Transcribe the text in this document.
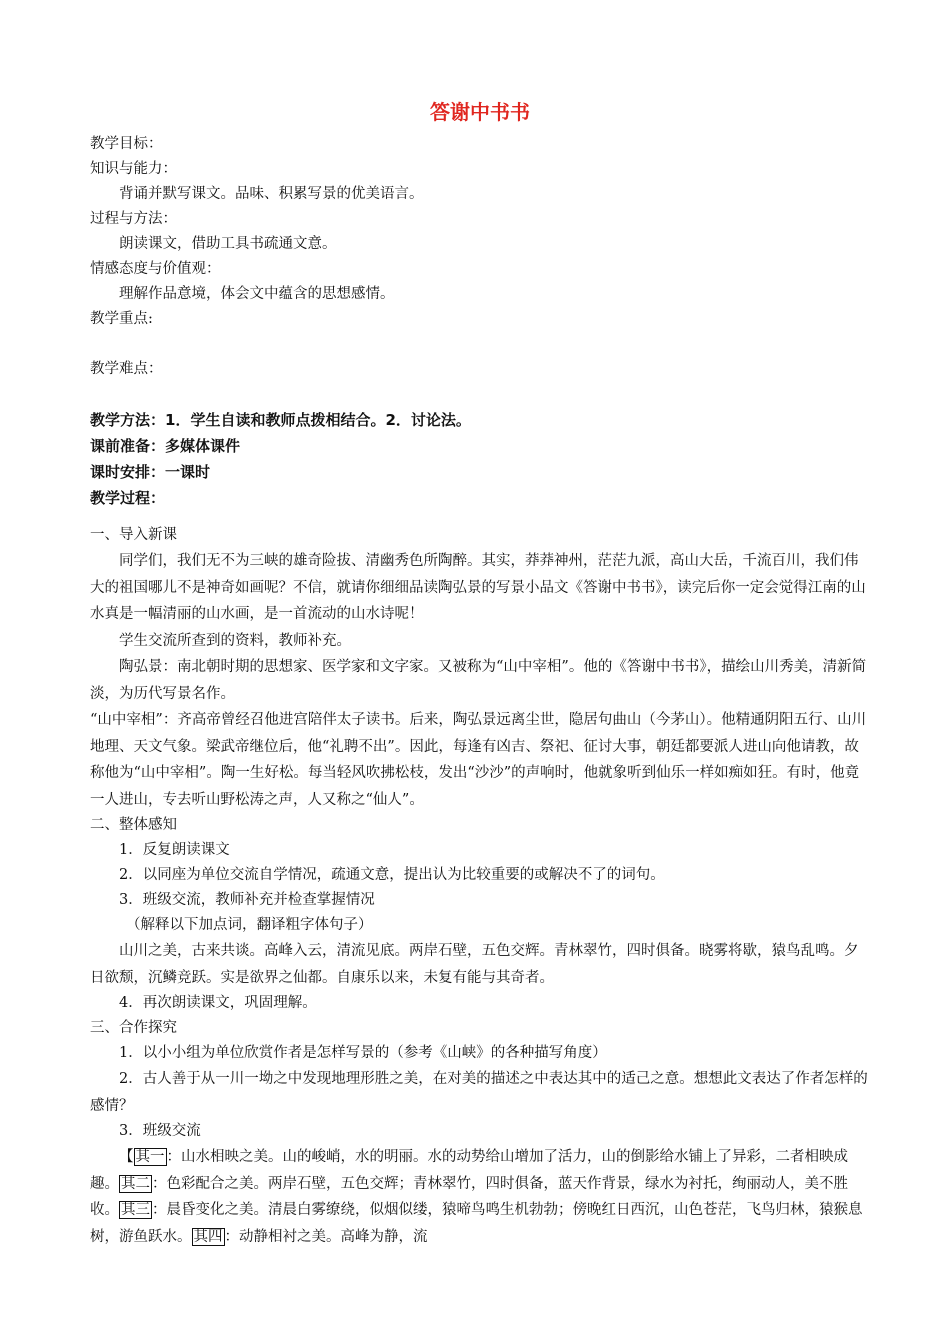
答谢中书书
教学目标：
知识与能力：
背诵并默写课文。品味、积累写景的优美语言。
过程与方法：
朗读课文，借助工具书疏通文意。
情感态度与价值观：
理解作品意境，体会文中蕴含的思想感情。
教学重点:
教学难点：
教学方法：1．学生自读和教师点拨相结合。2．讨论法。
课前准备：多媒体课件
课时安排：一课时
教学过程：
一、导入新课
同学们，我们无不为三峡的雄奇险拔、清幽秀色所陶醉。其实，莽莽神州，茫茫九派，高山大岳，千流百川，我们伟大的祖国哪儿不是神奇如画呢？不信，就请你细细品读陶弘景的写景小品文《答谢中书书》，读完后你一定会觉得江南的山水真是一幅清丽的山水画，是一首流动的山水诗呢！
学生交流所查到的资料，教师补充。
陶弘景：南北朝时期的思想家、医学家和文字家。又被称为“山中宰相”。他的《答谢中书书》，描绘山川秀美，清新简淡，为历代写景名作。
“山中宰相”：齐高帝曾经召他进宫陪伴太子读书。后来，陶弘景远离尘世，隐居句曲山（今茅山）。他精通阴阳五行、山川地理、天文气象。梁武帝继位后，他“礼聘不出”。因此，每逢有凶吉、祭祀、征讨大事，朝廷都要派人进山向他请教，故称他为“山中宰相”。陶一生好松。每当轻风吹拂松枝，发出“沙沙”的声响时，他就象听到仙乐一样如痴如狂。有时，他竟一人进山，专去听山野松涛之声，人又称之“仙人”。
二、整体感知
1．反复朗读课文
2．以同座为单位交流自学情况，疏通文意，提出认为比较重要的或解决不了的词句。
3．班级交流，教师补充并检查掌握情况
（解释以下加点词，翻译粗字体句子）
山川之美，古来共谈。高峰入云，清流见底。两岸石壁，五色交辉。青林翠竹，四时俱备。晓雾将歇，猿鸟乱鸣。夕日欲颓，沉鳞竞跃。实是欲界之仙都。自康乐以来，未复有能与其奇者。
4．再次朗读课文，巩固理解。
三、合作探究
1．以小小组为单位欣赏作者是怎样写景的（参考《山峡》的各种描写角度）
2．古人善于从一川一坳之中发现地理形胜之美，在对美的描述之中表达其中的适己之意。想想此文表达了作者怎样的感情？
3．班级交流
【 其一 ：山水相映之美。山的峻峭，水的明丽。水的动势给山增加了活力，山的倒影给水铺上了异彩，二者相映成趣。 其二 ：色彩配合之美。两岸石壁，五色交辉；青林翠竹，四时俱备，蓝天作背景，绿水为衬托，绚丽动人，美不胜收。 其三 ：晨昏变化之美。清晨白雾缭绕，似烟似缕，猿啼鸟鸣生机勃勃；傍晚红日西沉，山色苍茫，飞鸟归林，猿猴息树，游鱼跃水。 其四 ：动静相衬之美。高峰为静，流
